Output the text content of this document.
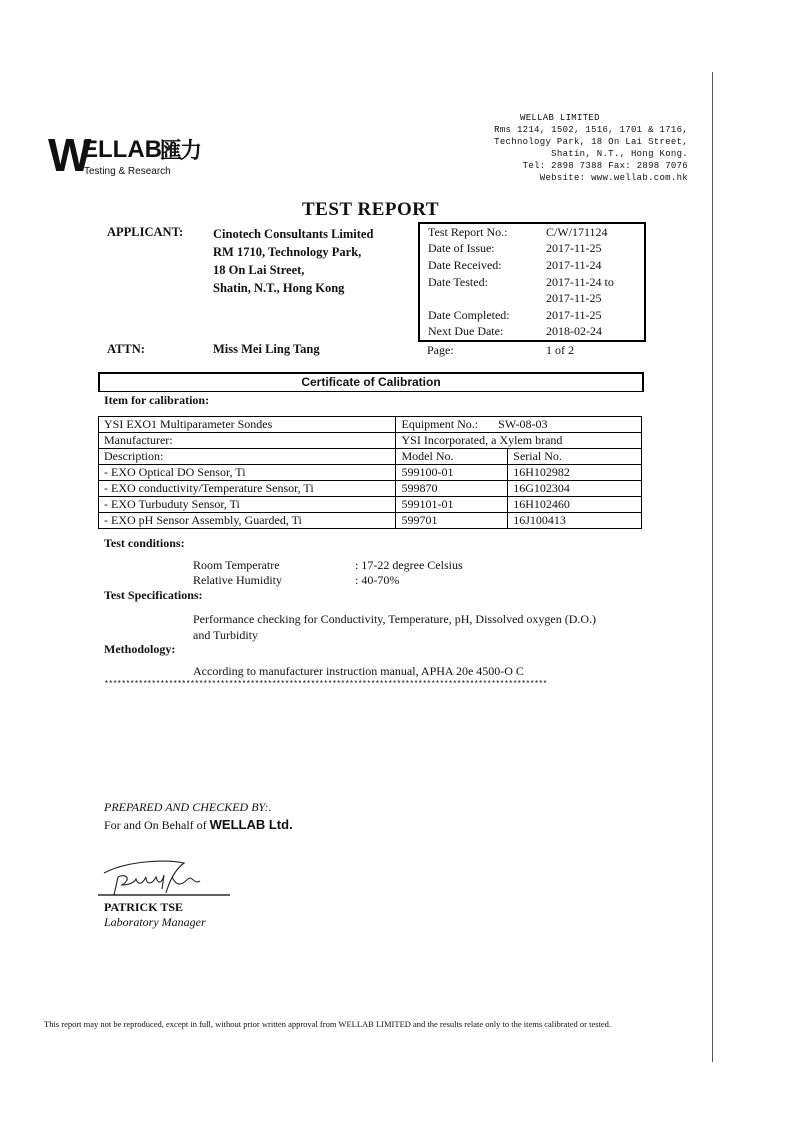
W
ELLAB
匯力
Testing & Research
WELLAB LIMITED
Rms 1214, 1502, 1516, 1701 & 1716,
Technology Park, 18 On Lai Street,
Shatin, N.T., Hong Kong.
Tel: 2898 7388 Fax: 2898 7076
Website: www.wellab.com.hk
TEST REPORT
APPLICANT: Cinotech Consultants Limited
RM 1710, Technology Park,
18 On Lai Street,
Shatin, N.T., Hong Kong
ATTN:	Miss Mei Ling Tang
Test Report No.:	C/W/171124
Date of Issue:	2017-11-25
Date Received:	2017-11-24
Date Tested:	2017-11-24 to
2017-11-25
Date Completed:	2017-11-25
Next Due Date:	2018-02-24
Page:	1 of 2
Certificate of Calibration
Item for calibration:
YSI EXO1 Multiparameter Sondes	Equipment No.: SW-08-03	
Manufacturer:	YSI Incorporated, a Xylem brand	
Description:	Model No.	Serial No.
- EXO Optical DO Sensor, Ti	599100-01	16H102982
- EXO conductivity/Temperature Sensor, Ti	599870	16G102304
- EXO Turbuduty Sensor, Ti	599101-01	16H102460
- EXO pH Sensor Assembly, Guarded, Ti	599701	16J100413
Test conditions:
Room Temperatre	: 17-22 degree Celsius
Relative Humidity	: 40-70%
Test Specifications:
Performance checking for Conductivity, Temperature, pH, Dissolved oxygen (D.O.)
and Turbidity
Methodology:
According to manufacturer instruction manual, APHA 20e 4500-O C
*******************************************************************************************************
PREPARED AND CHECKED BY:.
For and On Behalf of WELLAB Ltd.
PATRICK TSE
Laboratory Manager
This report may not be reproduced, except in full, without prior written approval from WELLAB LIMITED and the results relate only to the items calibrated or tested.
